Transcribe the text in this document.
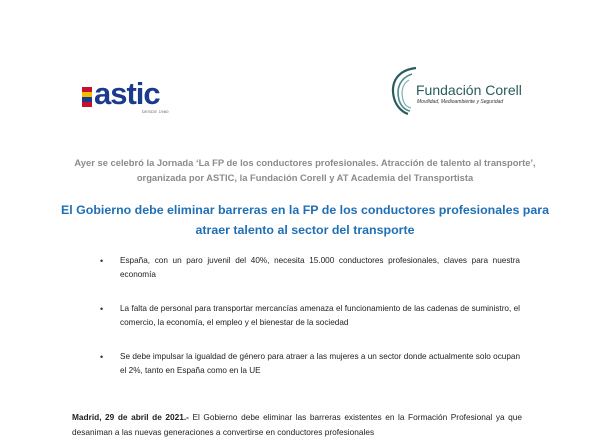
astic
DESDE 1960
Fundación Corell
Movilidad, Medioambiente y Seguridad

Ayer se celebró la Jornada ‘La FP de los conductores profesionales. Atracción de talento al transporte’, organizada por ASTIC, la Fundación Corell y AT Academia del Transportista

El Gobierno debe eliminar barreras en la FP de los conductores profesionales para atraer talento al sector del transporte
• España, con un paro juvenil del 40%, necesita 15.000 conductores profesionales, claves para nuestra economía
• La falta de personal para transportar mercancías amenaza el funcionamiento de las cadenas de suministro, el comercio, la economía, el empleo y el bienestar de la sociedad
• Se debe impulsar la igualdad de género para atraer a las mujeres a un sector donde actualmente solo ocupan el 2%, tanto en España como en la UE

Madrid, 29 de abril de 2021.- El Gobierno debe eliminar las barreras existentes en la Formación Profesional ya que desaniman a las nuevas generaciones a convertirse en conductores profesionales
